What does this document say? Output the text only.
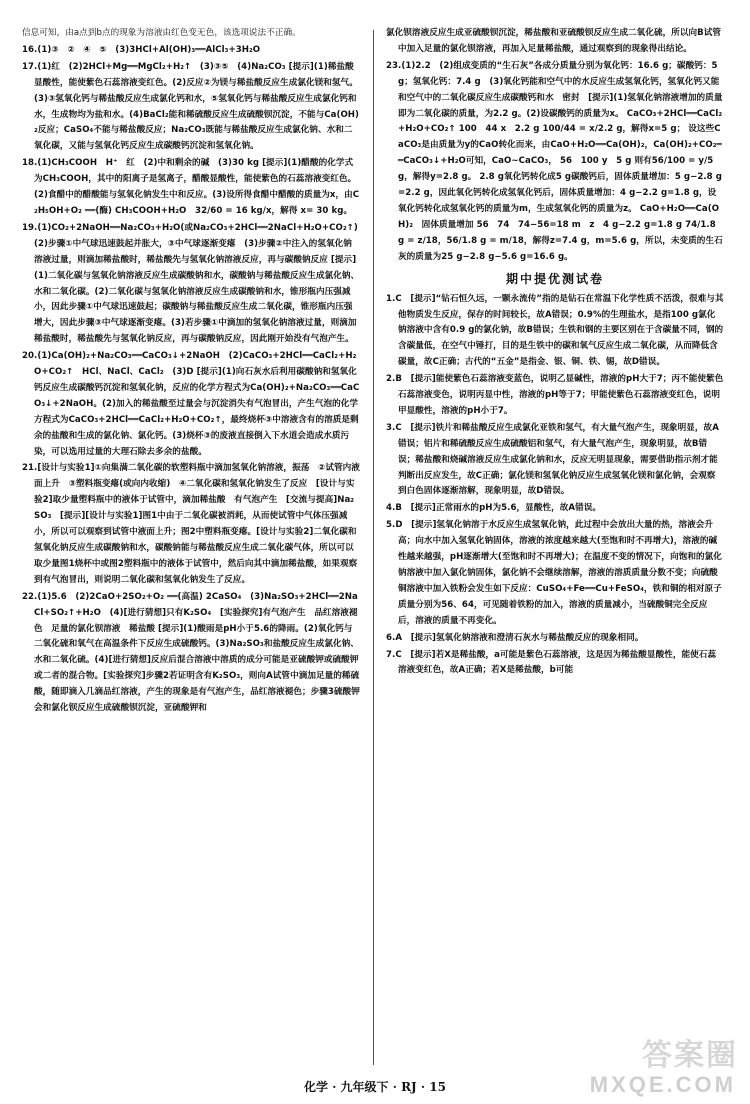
信息可知，由a点到b点的现象为溶液由红色变无色，该选项说法不正确。
16.(1)③　②　④　⑤　(3)3HCl+Al(OH)₃══AlCl₃+3H₂O
17.(1)红　(2)2HCl+Mg══MgCl₂+H₂↑　(3)③⑤　(4)Na₂CO₃ [提示](1)稀盐酸显酸性，能使紫色石蕊溶液变红色。(2)反应②为镁与稀盐酸反应生成氯化镁和氢气。(3)③氢氧化钙与稀盐酸反应生成氯化钙和水，⑤氢氧化钙与稀盐酸反应生成氯化钙和水，生成物均为盐和水。(4)BaCl₂能和稀硫酸反应生成硫酸钡沉淀，不能与Ca(OH)₂反应；CaSO₄不能与稀盐酸反应；Na₂CO₃既能与稀盐酸反应生成氯化钠、水和二氧化碳，又能与氢氧化钙反应生成碳酸钙沉淀和氢氧化钠。
18.(1)CH₃COOH　H⁺　红　(2)中和剩余的碱　(3)30 kg [提示](1)醋酸的化学式为CH₃COOH，其中的阳离子是氢离子，醋酸显酸性，能使紫色的石蕊溶液变红色。(2)食醋中的醋酸能与氢氧化钠发生中和反应。(3)设所得食醋中醋酸的质量为x，由C₂H₅OH+O₂ ══(酶) CH₃COOH+H₂O　32/60 = 16 kg/x，解得 x= 30 kg。
19.(1)CO₂+2NaOH══Na₂CO₃+H₂O(或Na₂CO₃+2HCl══2NaCl+H₂O+CO₂↑)　(2)步骤①中气球迅速鼓起并胀大，③中气球逐渐变瘪　(3)步骤②中注入的氢氧化钠溶液过量，则滴加稀盐酸时，稀盐酸先与氢氧化钠溶液反应，再与碳酸钠反应 [提示](1)二氧化碳与氢氧化钠溶液反应生成碳酸钠和水，碳酸钠与稀盐酸反应生成氯化钠、水和二氧化碳。(2)二氧化碳与氢氧化钠溶液反应生成碳酸钠和水，锥形瓶内压强减小，因此步骤①中气球迅速鼓起；碳酸钠与稀盐酸反应生成二氧化碳，锥形瓶内压强增大，因此步骤③中气球逐渐变瘪。(3)若步骤①中滴加的氢氧化钠溶液过量，则滴加稀盐酸时，稀盐酸先与氢氧化钠反应，再与碳酸钠反应，因此刚开始没有气泡产生。
20.(1)Ca(OH)₂+Na₂CO₃══CaCO₃↓+2NaOH　(2)CaCO₃+2HCl══CaCl₂+H₂O+CO₂↑　HCl、NaCl、CaCl₂　(3)D [提示](1)向石灰水后利用碳酸钠和氢氧化钙反应生成碳酸钙沉淀和氢氧化钠，反应的化学方程式为Ca(OH)₂+Na₂CO₃══CaCO₃↓+2NaOH。(2)加入的稀盐酸至过量会与沉淀消失有气泡冒出，产生气泡的化学方程式为CaCO₃+2HCl══CaCl₂+H₂O+CO₂↑，最终烧杯③中溶液含有的溶质是剩余的盐酸和生成的氯化钠、氯化钙。(3)烧杯③的废液直接倒入下水道会造成水质污染，可以选用过量的大理石除去多余的盐酸。
21.[设计与实验1]①向集满二氧化碳的软塑料瓶中滴加氢氧化钠溶液，振荡　②试管内液面上升　③塑料瓶变瘪(或向内收缩)　④二氧化碳和氢氧化钠发生了反应　[设计与实验2]取少量塑料瓶中的液体于试管中，滴加稀盐酸　有气泡产生　[交流与提高]Na₂SO₃　[提示][设计与实验1]图1中由于二氧化碳被消耗，从而使试管中气体压强减小，所以可以观察到试管中液面上升；图2中塑料瓶变瘪。[设计与实验2]二氧化碳和氢氧化钠反应生成碳酸钠和水，碳酸钠能与稀盐酸反应生成二氧化碳气体，所以可以取少量图1烧杯中或图2塑料瓶中的液体于试管中，然后向其中滴加稀盐酸，如果观察到有气泡冒出，则说明二氧化碳和氢氧化钠发生了反应。
22.(1)5.6　(2)2CaO+2SO₂+O₂ ══(高温) 2CaSO₄　(3)Na₂SO₃+2HCl══2NaCl+SO₂↑+H₂O　(4)[进行猜想]只有K₂SO₄　[实验探究]有气泡产生　品红溶液褪色　足量的氯化钡溶液　稀盐酸 [提示](1)酸雨是pH小于5.6的降雨。(2)氧化钙与二氧化硫和氧气在高温条件下反应生成硫酸钙。(3)Na₂SO₃和盐酸反应生成氯化钠、水和二氧化硫。(4)[进行猜想]反应后混合溶液中溶质的成分可能是亚硫酸钾或硫酸钾或二者的混合物。[实验探究]步骤2若证明含有K₂SO₃，则向A试管中滴加足量的稀硫酸，随即滴入几滴品红溶液，产生的现象是有气泡产生，品红溶液褪色；步骤3硫酸钾会和氯化钡反应生成硫酸钡沉淀，亚硫酸钾和
氯化钡溶液反应生成亚硫酸钡沉淀，稀盐酸和亚硫酸钡反应生成二氧化硫，所以向B试管中加入足量的氯化钡溶液，再加入足量稀盐酸，通过观察到的现象得出结论。
23.(1)2.2　(2)组成变质的“生石灰”各成分质量分别为氧化钙：16.6 g；碳酸钙：5 g；氢氧化钙：7.4 g　(3)氧化钙能和空气中的水反应生成氢氧化钙，氢氧化钙又能和空气中的二氧化碳反应生成碳酸钙和水　密封　[提示](1)氢氧化钠溶液增加的质量即为二氧化碳的质量，为2.2 g。(2)设碳酸钙的质量为x。 CaCO₃+2HCl══CaCl₂+H₂O+CO₂↑ 100　44 x　2.2 g 100/44 = x/2.2 g，解得x=5 g； 设这些CaCO₃是由质量为y的CaO转化而来，由CaO+H₂O══Ca(OH)₂，Ca(OH)₂+CO₂══CaCO₃↓+H₂O可知，CaO~CaCO₃， 56　100 y　5 g 则有56/100 = y/5 g，解得y=2.8 g。 2.8 g氧化钙转化成5 g碳酸钙后，固体质量增加：5 g−2.8 g=2.2 g，因此氧化钙转化成氢氧化钙后，固体质量增加：4 g−2.2 g=1.8 g，设氧化钙转化成氢氧化钙的质量为m，生成氢氧化钙的质量为z。 CaO+H₂O══Ca(OH)₂　固体质量增加 56　74　74−56=18 m　z　4 g−2.2 g=1.8 g 74/1.8 g = z/18，56/1.8 g = m/18，解得z=7.4 g，m=5.6 g，所以，未变质的生石灰的质量为25 g−2.8 g−5.6 g=16.6 g。
期中提优测试卷
1.C　[提示]“钻石恒久远，一颗永流传”指的是钻石在常温下化学性质不活泼，很难与其他物质发生反应，保存的时间较长，故A错误；0.9%的生理盐水，是指100 g氯化钠溶液中含有0.9 g的氯化钠，故B错误；生铁和钢的主要区别在于含碳量不同，钢的含碳量低，在空气中锤打，目的是生铁中的碳和氧气反应生成二氧化碳，从而降低含碳量，故C正确；古代的“五金”是指金、银、铜、铁、锡，故D错误。
2.B　[提示]能使紫色石蕊溶液变蓝色，说明乙显碱性，溶液的pH大于7；丙不能使紫色石蕊溶液变色，说明丙显中性，溶液的pH等于7；甲能使紫色石蕊溶液变红色，说明甲显酸性，溶液的pH小于7。
3.C　[提示]铁片和稀盐酸反应生成氯化亚铁和氢气，有大量气泡产生，现象明显，故A错误；铝片和稀硫酸反应生成硫酸铝和氢气，有大量气泡产生，现象明显，故B错误；稀盐酸和烧碱溶液反应生成氯化钠和水，反应无明显现象，需要借助指示剂才能判断出反应发生，故C正确；氯化镁和氢氧化钠反应生成氢氧化镁和氯化钠，会观察到白色固体逐渐溶解，现象明显，故D错误。
4.B　[提示]正常雨水的pH为5.6，显酸性，故A错误。
5.D　[提示]氢氧化钠溶于水反应生成氢氧化钠，此过程中会放出大量的热，溶液会升高；向水中加入氢氧化钠固体，溶液的浓度越来越大(至饱和时不再增大)，溶液的碱性越来越强，pH逐渐增大(至饱和时不再增大)；在温度不变的情况下，向饱和的氯化钠溶液中加入氯化钠固体，氯化钠不会继续溶解，溶液的溶质质量分数不变；向硫酸铜溶液中加入铁粉会发生如下反应：CuSO₄+Fe══Cu+FeSO₄，铁和铜的相对原子质量分别为56、64，可见随着铁粉的加入，溶液的质量减小，当硫酸铜完全反应后，溶液的质量不再变化。
6.A　[提示]氢氧化钠溶液和澄清石灰水与稀盐酸反应的现象相同。
7.C　[提示]若X是稀盐酸，a可能是紫色石蕊溶液，这是因为稀盐酸显酸性，能使石蕊溶液变红色，故A正确；若X是稀盐酸，b可能
化学 · 九年级下 · RJ · 15
答案圈
MXQE.COM
